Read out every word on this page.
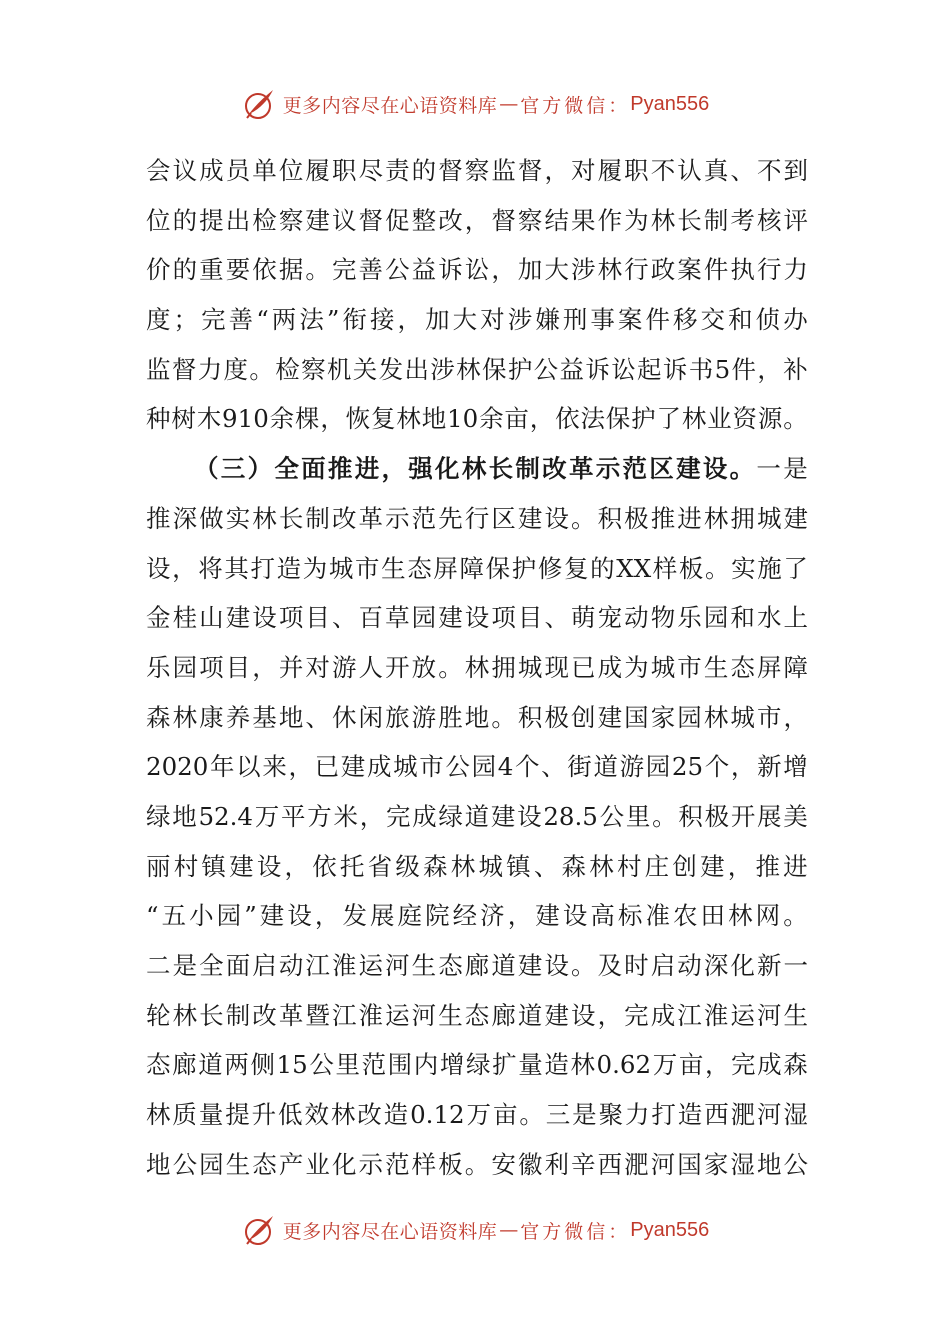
更多内容尽在心语资料库 — 官方微信： Pyan556
会 议 成 员 单 位 履 职 尽 责 的 督 察 监 督 ， 对 履 职 不 认 真 、 不 到
位 的 提 出 检 察 建 议 督 促 整 改 ， 督 察 结 果 作 为 林 长 制 考 核 评
价 的 重 要 依 据 。 完 善 公 益 诉 讼 ， 加 大 涉 林 行 政 案 件 执 行 力
度 ； 完 善 “ 两 法 ” 衔 接 ， 加 大 对 涉 嫌 刑 事 案 件 移 交 和 侦 办
监 督 力 度 。 检 察 机 关 发 出 涉 林 保 护 公 益 诉 讼 起 诉 书 5 件 ， 补
种 树 木 910 余 棵 ， 恢 复 林 地 10 余 亩 ， 依 法 保 护 了 林 业 资 源 。
（ 三 ） 全 面 推 进 ， 强 化 林 长 制 改 革 示 范 区 建 设 。 一 是
推 深 做 实 林 长 制 改 革 示 范 先 行 区 建 设 。 积 极 推 进 林 拥 城 建
设 ， 将 其 打 造 为 城 市 生 态 屏 障 保 护 修 复 的 XX 样 板 。 实 施 了
金 桂 山 建 设 项 目 、 百 草 园 建 设 项 目 、 萌 宠 动 物 乐 园 和 水 上
乐 园 项 目 ， 并 对 游 人 开 放 。 林 拥 城 现 已 成 为 城 市 生 态 屏 障
森 林 康 养 基 地 、 休 闲 旅 游 胜 地 。 积 极 创 建 国 家 园 林 城 市 ，
2020 年 以 来 ， 已 建 成 城 市 公 园 4 个 、 街 道 游 园 25 个 ， 新 增
绿 地 52.4 万 平 方 米 ， 完 成 绿 道 建 设 28.5 公 里 。 积 极 开 展 美
丽 村 镇 建 设 ， 依 托 省 级 森 林 城 镇 、 森 林 村 庄 创 建 ， 推 进
“ 五 小 园 ” 建 设 ， 发 展 庭 院 经 济 ， 建 设 高 标 准 农 田 林 网 。
二 是 全 面 启 动 江 淮 运 河 生 态 廊 道 建 设 。 及 时 启 动 深 化 新 一
轮 林 长 制 改 革 暨 江 淮 运 河 生 态 廊 道 建 设 ， 完 成 江 淮 运 河 生
态 廊 道 两 侧 15 公 里 范 围 内 增 绿 扩 量 造 林 0.62 万 亩 ， 完 成 森
林 质 量 提 升 低 效 林 改 造 0.12 万 亩 。 三 是 聚 力 打 造 西 淝 河 湿
地 公 园 生 态 产 业 化 示 范 样 板 。 安 徽 利 辛 西 淝 河 国 家 湿 地 公
更多内容尽在心语资料库 — 官方微信： Pyan556
